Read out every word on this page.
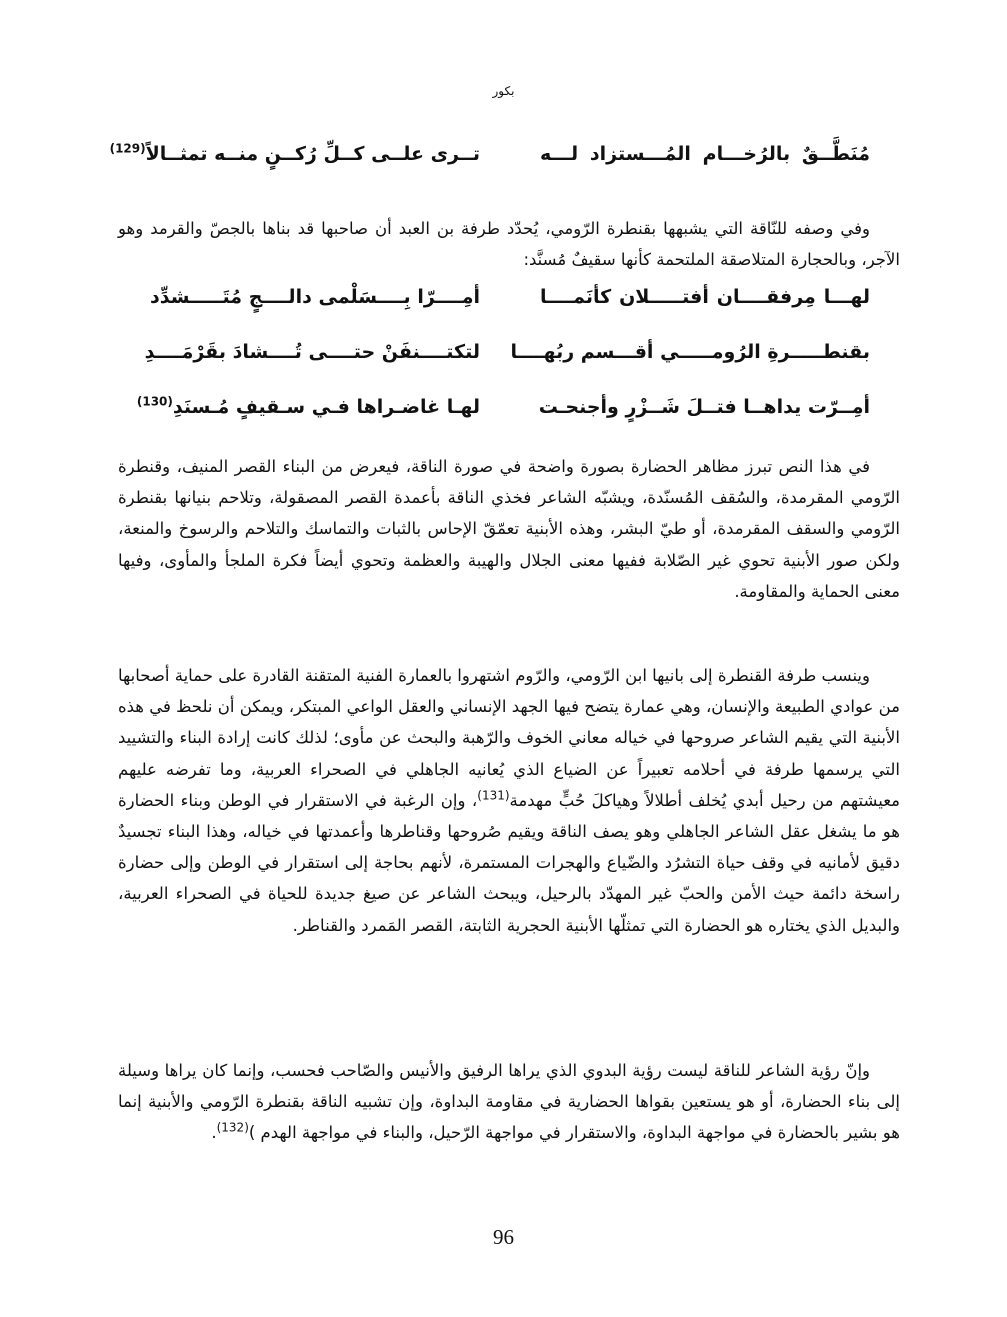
بكور
مُنَطَّــقٌ بالرُخـــام المُـــستزاد لـــه
تــرى علــى كــلِّ رُكــنٍ منــه تمثــالاً$^{(129)}$
وفي وصفه للنّاقة التي يشبهها بقنطرة الرّومي، يُحدّد طرفة بن العبد أن صاحبها قد بناها بالجصّ والقرمد وهو الآجر، وبالحجارة المتلاصقة الملتحمة كأنها سقيفٌ مُسنَّد:
لهـــا مِرفقــــان أفتـــــلان كأنَمــــا
أمِــــرّا بِــــسَلْمى دالــــجٍ مُتَـــــشدِّد
بقنطـــــرةِ الرُومـــــي أقـــسم ربُهــــا
لتكتــــنفَنْ حتــــى تُــــشادَ بقَرْمَــــدِ
أمِــرّت يداهــا فتــلَ شَــزْرٍ وأجنحـت
لهـا غاضـراها فـي سـقيفٍ مُـسنَدِ$^{(130)}$
في هذا النص تبرز مظاهر الحضارة بصورة واضحة في صورة الناقة، فيعرض من البناء القصر المنيف، وقنطرة الرّومي المقرمدة، والسُقف المُسنّدة، ويشبّه الشاعر فخذي الناقة بأعمدة القصر المصقولة، وتلاحم بنيانها بقنطرة الرّومي والسقف المقرمدة، أو طيّ البشر، وهذه الأبنية تعمّقّ الإحاس بالثبات والتماسك والتلاحم والرسوخ والمنعة، ولكن صور الأبنية تحوي غير الصّلابة ففيها معنى الجلال والهيبة والعظمة وتحوي أيضاً فكرة الملجأ والمأوى، وفيها معنى الحماية والمقاومة.
وينسب طرفة القنطرة إلى بانيها ابن الرّومي، والرّوم اشتهروا بالعمارة الفنية المتقنة القادرة على حماية أصحابها من عوادي الطبيعة والإنسان، وهي عمارة يتضح فيها الجهد الإنساني والعقل الواعي المبتكر، ويمكن أن نلحظ في هذه الأبنية التي يقيم الشاعر صروحها في خياله معاني الخوف والرّهبة والبحث عن مأوى؛ لذلك كانت إرادة البناء والتشييد التي يرسمها طرفة في أحلامه تعبيراً عن الضياع الذي يُعانيه الجاهلي في الصحراء العربية، وما تفرضه عليهم معيشتهم من رحيل أبدي يُخلف أطلالاً وهياكلَ حُبٍّ مهدمة$^{(131)}$، وإن الرغبة في الاستقرار في الوطن وبناء الحضارة هو ما يشغل عقل الشاعر الجاهلي وهو يصف الناقة ويقيم صُروحها وقناطرها وأعمدتها في خياله، وهذا البناء تجسيدٌ دقيق لأمانيه في وقف حياة التشرُد والضّياع والهجرات المستمرة، لأنهم بحاجة إلى استقرار في الوطن وإلى حضارة راسخة دائمة حيث الأمن والحبّ غير المهدّد بالرحيل، ويبحث الشاعر عن صيغ جديدة للحياة في الصحراء العربية، والبديل الذي يختاره هو الحضارة التي تمثلّها الأبنية الحجرية الثابتة، القصر المَمرد والقناطر.
وإنّ رؤية الشاعر للناقة ليست رؤية البدوي الذي يراها الرفيق والأنيس والصّاحب فحسب، وإنما كان يراها وسيلة إلى بناء الحضارة، أو هو يستعين بقواها الحضارية في مقاومة البداوة، وإن تشبيه الناقة بقنطرة الرّومي والأبنية إنما هو بشير بالحضارة في مواجهة البداوة، والاستقرار في مواجهة الرّحيل، والبناء في مواجهة الهدم )$^{(132)}$.
96
